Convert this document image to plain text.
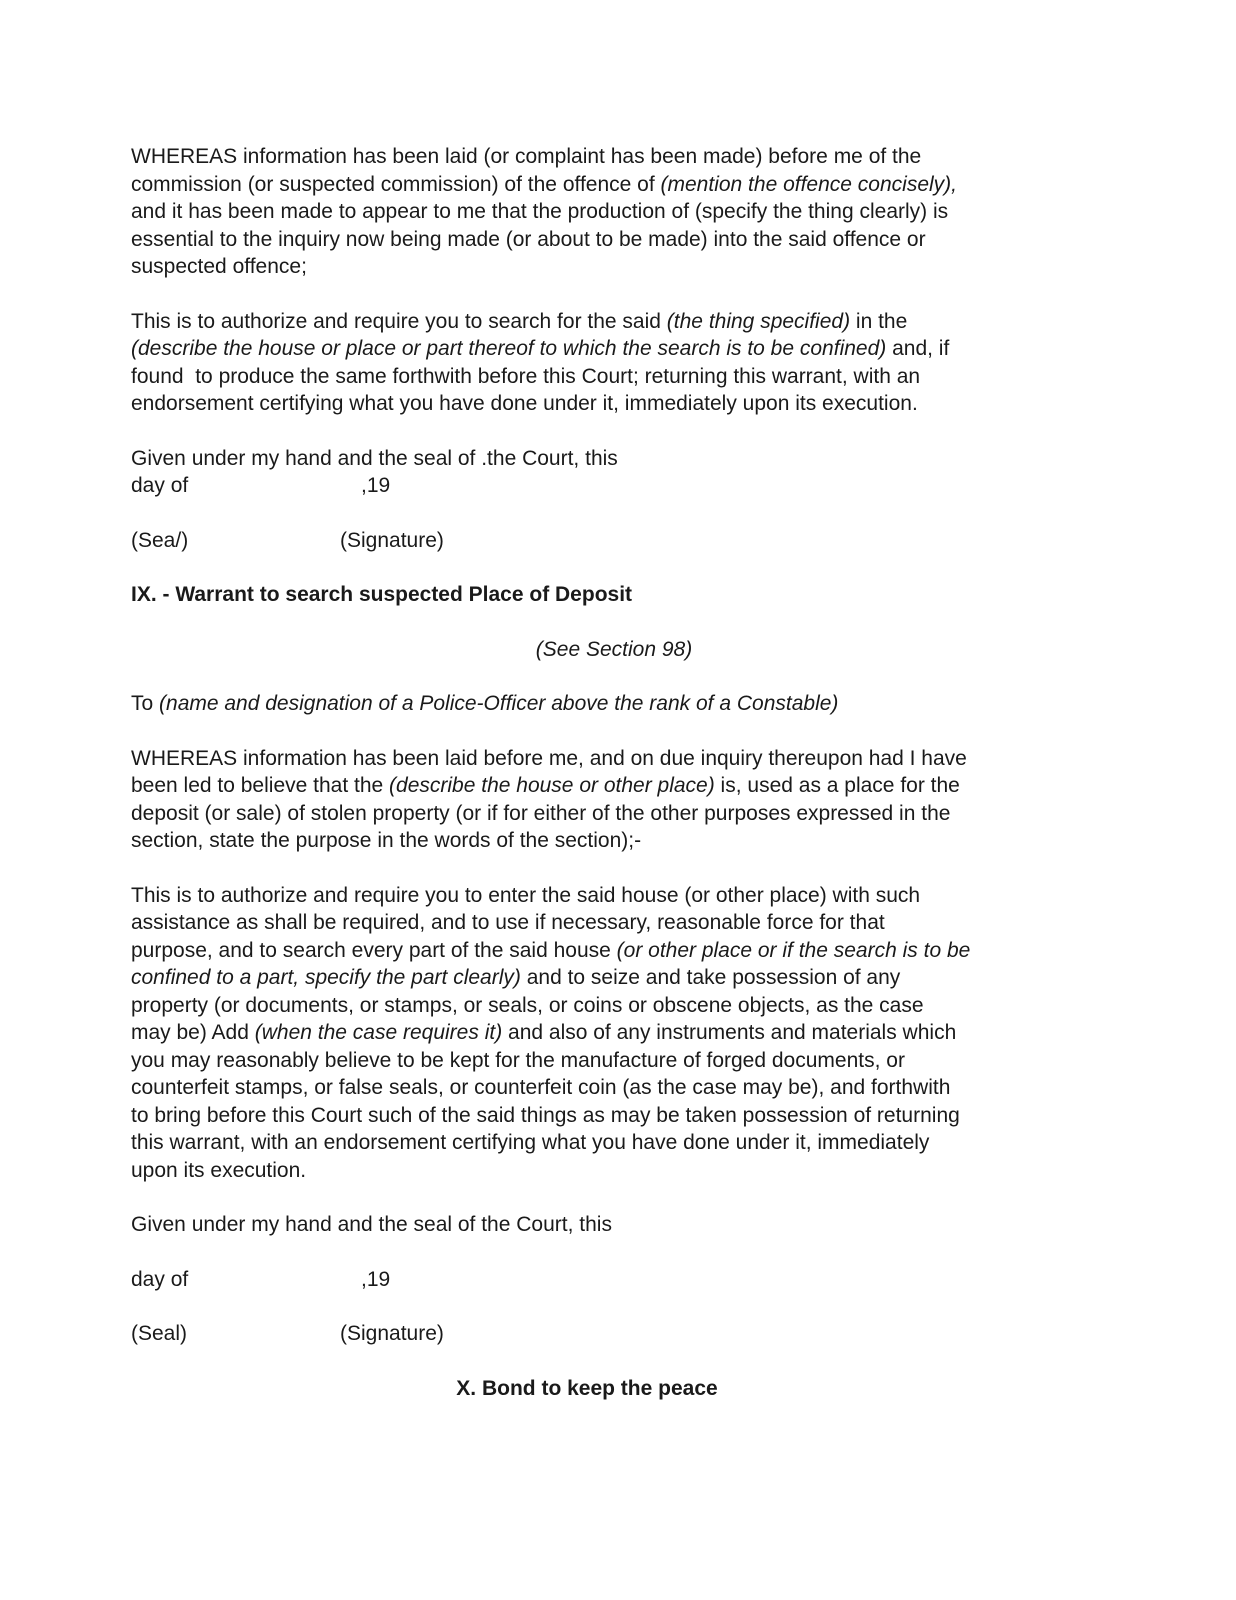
WHEREAS information has been laid (or complaint has been made) before me of the
commission (or suspected commission) of the offence of (mention the offence concisely),
and it has been made to appear to me that the production of (specify the thing clearly) is
essential to the inquiry now being made (or about to be made) into the said offence or
suspected offence;

This is to authorize and require you to search for the said (the thing specified) in the
(describe the house or place or part thereof to which the search is to be confined) and, if
found  to produce the same forthwith before this Court; returning this warrant, with an
endorsement certifying what you have done under it, immediately upon its execution.

Given under my hand and the seal of .the Court, this
day of	,19

(Sea/)	(Signature)

IX. - Warrant to search suspected Place of Deposit

(See Section 98)

To (name and designation of a Police-Officer above the rank of a Constable)

WHEREAS information has been laid before me, and on due inquiry thereupon had I have
been led to believe that the (describe the house or other place) is, used as a place for the
deposit (or sale) of stolen property (or if for either of the other purposes expressed in the
section, state the purpose in the words of the section);-

This is to authorize and require you to enter the said house (or other place) with such
assistance as shall be required, and to use if necessary, reasonable force for that
purpose, and to search every part of the said house (or other place or if the search is to be
confined to a part, specify the part clearly) and to seize and take possession of any
property (or documents, or stamps, or seals, or coins or obscene objects, as the case
may be) Add (when the case requires it) and also of any instruments and materials which
you may reasonably believe to be kept for the manufacture of forged documents, or
counterfeit stamps, or false seals, or counterfeit coin (as the case may be), and forthwith
to bring before this Court such of the said things as may be taken possession of returning
this warrant, with an endorsement certifying what you have done under it, immediately
upon its execution.

Given under my hand and the seal of the Court, this

day of	,19

(Seal)	(Signature)

X. Bond to keep the peace
